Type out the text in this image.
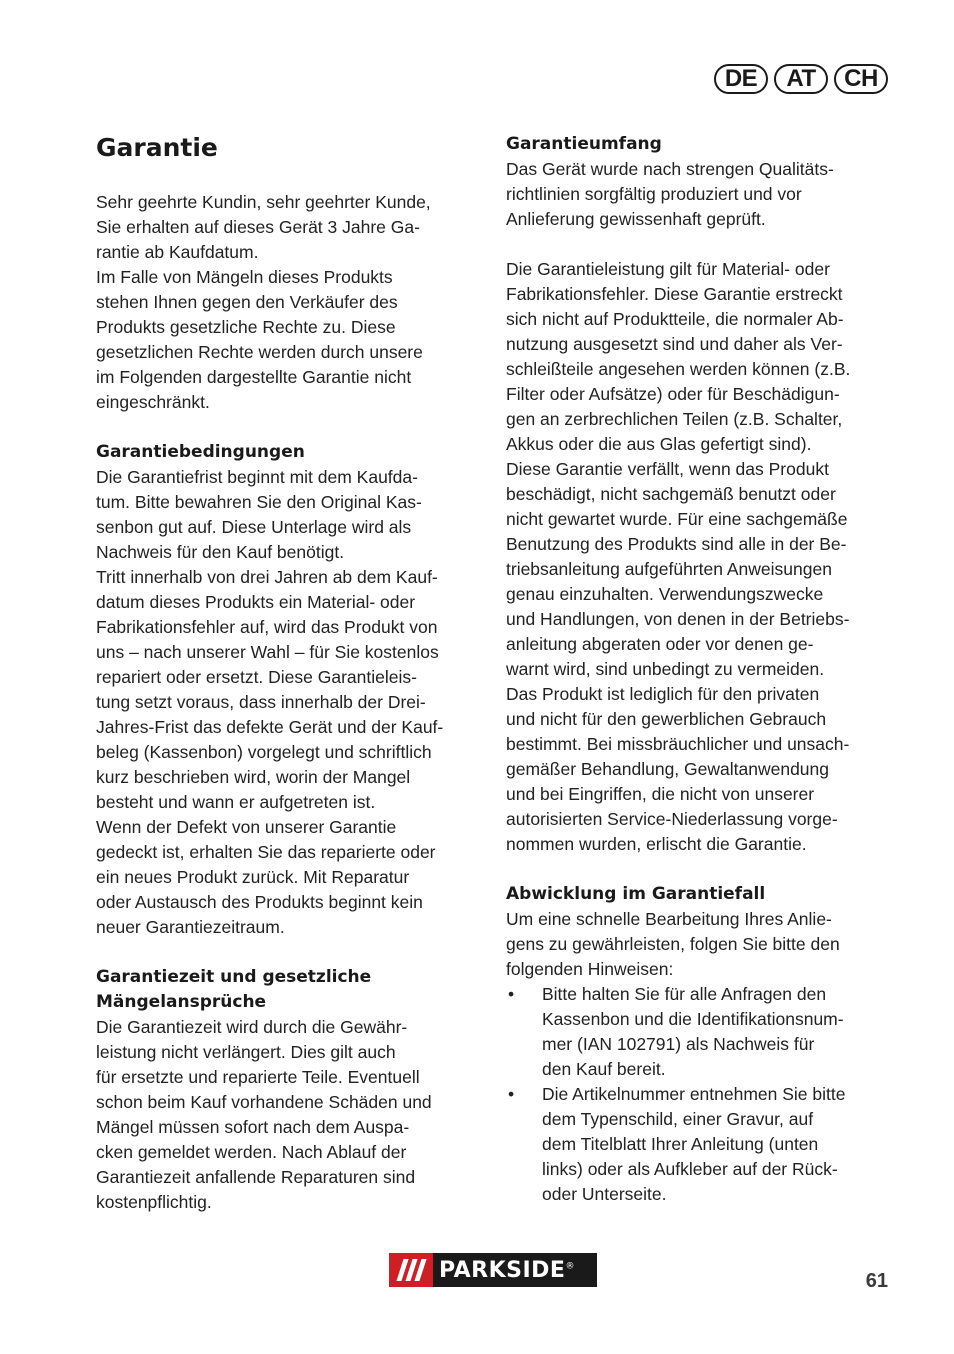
DE	AT	CH
Garantie

Sehr geehrte Kundin, sehr geehrter Kunde,

Sie erhalten auf dieses Gerät 3 Jahre Ga-

rantie ab Kaufdatum.

Im Falle von Mängeln dieses Produkts

stehen Ihnen gegen den Verkäufer des

Produkts gesetzliche Rechte zu. Diese

gesetzlichen Rechte werden durch unsere

im Folgenden dargestellte Garantie nicht

eingeschränkt.

Garantiebedingungen

Die Garantiefrist beginnt mit dem Kaufda-

tum. Bitte bewahren Sie den Original Kas-

senbon gut auf. Diese Unterlage wird als

Nachweis für den Kauf benötigt.

Tritt innerhalb von drei Jahren ab dem Kauf-

datum dieses Produkts ein Material- oder

Fabrikationsfehler auf, wird das Produkt von

uns – nach unserer Wahl – für Sie kostenlos

repariert oder ersetzt. Diese Garantieleis-

tung setzt voraus, dass innerhalb der Drei-

Jahres-Frist das defekte Gerät und der Kauf-

beleg (Kassenbon) vorgelegt und schriftlich

kurz beschrieben wird, worin der Mangel

besteht und wann er aufgetreten ist.

Wenn der Defekt von unserer Garantie

gedeckt ist, erhalten Sie das reparierte oder

ein neues Produkt zurück. Mit Reparatur

oder Austausch des Produkts beginnt kein

neuer Garantiezeitraum.

Garantiezeit und gesetzliche
Mängelansprüche

Die Garantiezeit wird durch die Gewähr-

leistung nicht verlängert. Dies gilt auch

für ersetzte und reparierte Teile. Eventuell

schon beim Kauf vorhandene Schäden und

Mängel müssen sofort nach dem Auspa-

cken gemeldet werden. Nach Ablauf der

Garantiezeit anfallende Reparaturen sind

kostenpflichtig.

Garantieumfang

Das Gerät wurde nach strengen Qualitäts-

richtlinien sorgfältig produziert und vor

Anlieferung gewissenhaft geprüft.

Die Garantieleistung gilt für Material- oder

Fabrikationsfehler. Diese Garantie erstreckt

sich nicht auf Produktteile, die normaler Ab-

nutzung ausgesetzt sind und daher als Ver-

schleißteile angesehen werden können (z.B.

Filter oder Aufsätze) oder für Beschädigun-

gen an zerbrechlichen Teilen (z.B. Schalter,

Akkus oder die aus Glas gefertigt sind).

Diese Garantie verfällt, wenn das Produkt

beschädigt, nicht sachgemäß benutzt oder

nicht gewartet wurde. Für eine sachgemäße

Benutzung des Produkts sind alle in der Be-

triebsanleitung aufgeführten Anweisungen

genau einzuhalten. Verwendungszwecke

und Handlungen, von denen in der Betriebs-

anleitung abgeraten oder vor denen ge-

warnt wird, sind unbedingt zu vermeiden.

Das Produkt ist lediglich für den privaten

und nicht für den gewerblichen Gebrauch

bestimmt. Bei missbräuchlicher und unsach-

gemäßer Behandlung, Gewaltanwendung

und bei Eingriffen, die nicht von unserer

autorisierten Service-Niederlassung vorge-

nommen wurden, erlischt die Garantie.

Abwicklung im Garantiefall

Um eine schnelle Bearbeitung Ihres Anlie-

gens zu gewährleisten, folgen Sie bitte den

folgenden Hinweisen:

• Bitte halten Sie für alle Anfragen den
Kassenbon und die Identifikationsnum-
mer (IAN 102791) als Nachweis für
den Kauf bereit.
• Die Artikelnummer entnehmen Sie bitte
dem Typenschild, einer Gravur, auf
dem Titelblatt Ihrer Anleitung (unten
links) oder als Aufkleber auf der Rück-
oder Unterseite.
PARKSIDE®
61
